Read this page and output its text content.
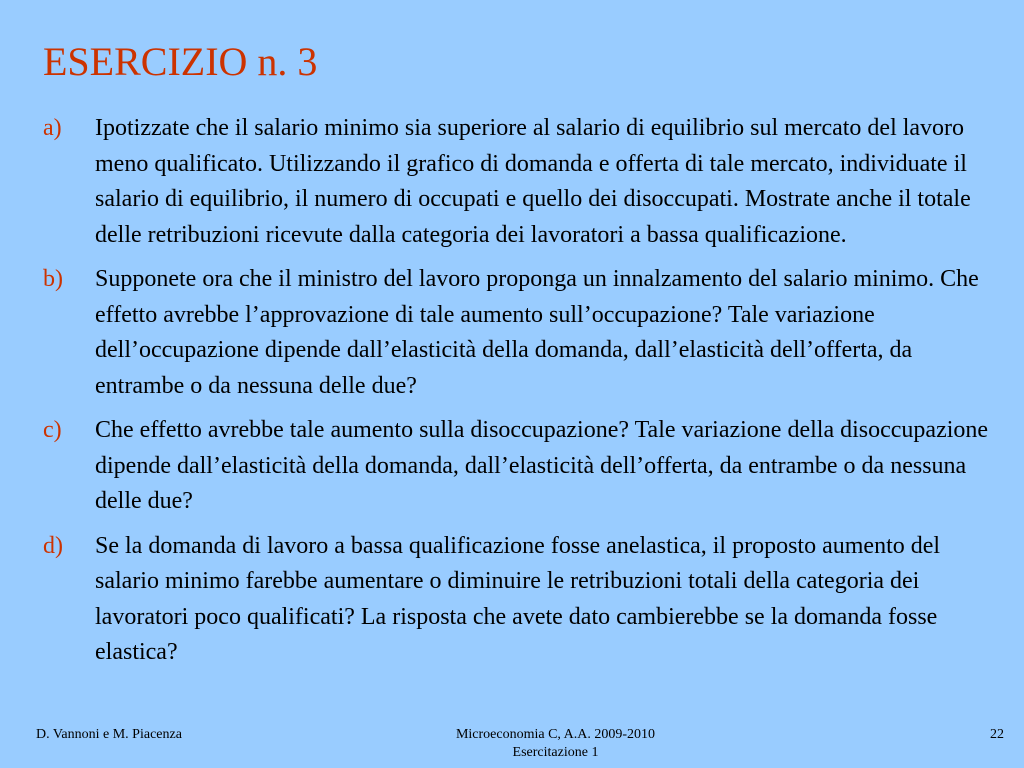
ESERCIZIO n. 3
a) Ipotizzate che il salario minimo sia superiore al salario di equilibrio sul mercato del lavoro meno qualificato. Utilizzando il grafico di domanda e offerta di tale mercato, individuate il salario di equilibrio, il numero di occupati e quello dei disoccupati. Mostrate anche il totale delle retribuzioni ricevute dalla categoria dei lavoratori a bassa qualificazione.
b) Supponete ora che il ministro del lavoro proponga un innalzamento del salario minimo. Che effetto avrebbe l’approvazione di tale aumento sull’occupazione? Tale variazione dell’occupazione dipende dall’elasticità della domanda, dall’elasticità dell’offerta, da entrambe o da nessuna delle due?
c) Che effetto avrebbe tale aumento sulla disoccupazione? Tale variazione della disoccupazione dipende dall’elasticità della domanda, dall’elasticità dell’offerta, da entrambe o da nessuna delle due?
d) Se la domanda di lavoro a bassa qualificazione fosse anelastica, il proposto aumento del salario minimo farebbe aumentare o diminuire le retribuzioni totali della categoria dei lavoratori poco qualificati? La risposta che avete dato cambierebbe se la domanda fosse elastica?
D. Vannoni e M. Piacenza	Microeconomia C, A.A. 2009-2010
Esercitazione 1
22
